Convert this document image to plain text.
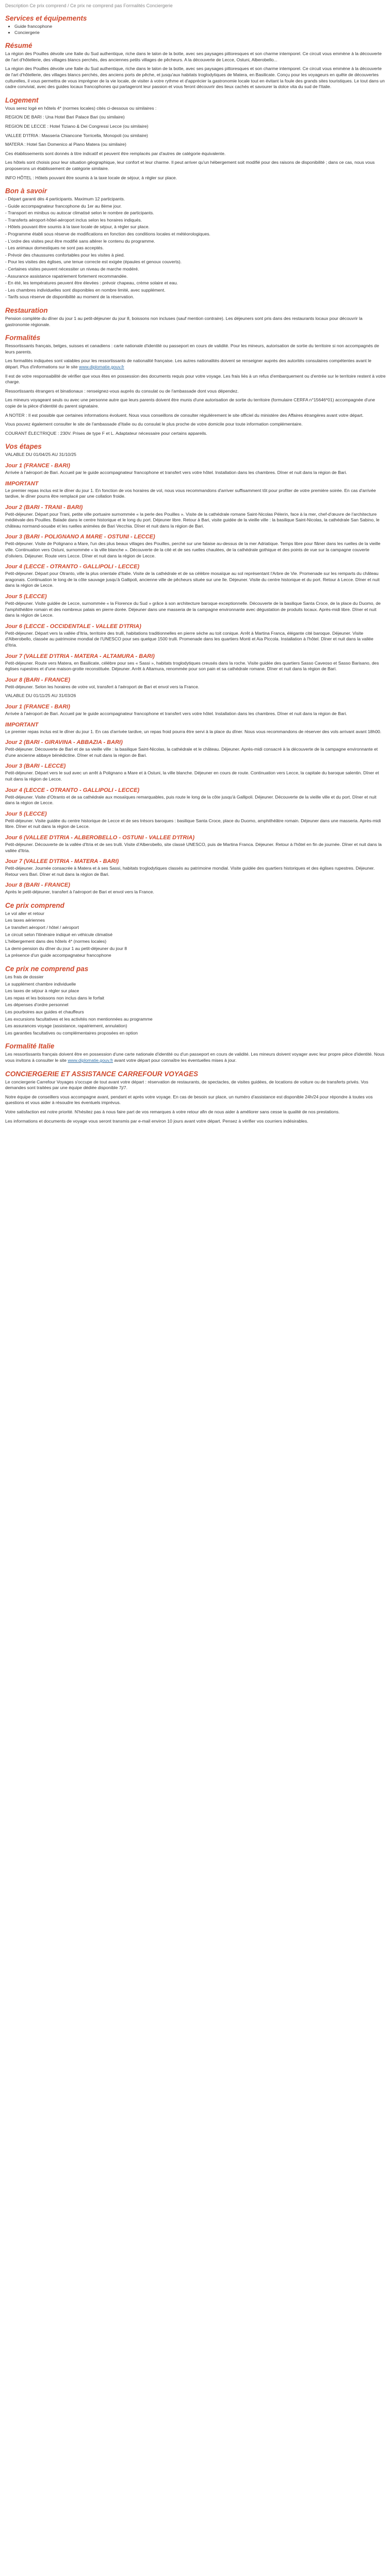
Description Ce prix comprend / Ce prix ne comprend pas Formalités Conciergerie
Services et équipements
• Guide francophone
• Conciergerie
Résumé

La région des Pouilles dévoile une Italie du Sud authentique, riche dans le talon de la botte, avec ses paysages pittoresques et son charme intemporel. Ce circuit vous emmène à la découverte de l'art d'hôtellerie, des villages blancs perchés, des anciennes petits villages de pêcheurs. A la découverte de Lecce, Ostuni, Alberobello...

La région des Pouilles dévoile une Italie du Sud authentique, riche dans le talon de la botte, avec ses paysages pittoresques et son charme intemporel. Ce circuit vous emmène à la découverte de l'art d'hôtellerie, des villages blancs perchés, des anciens ports de pêche, et jusqu'aux habitats troglodytiques de Matera, en Basilicate. Conçu pour les voyageurs en quête de découvertes culturelles, il vous permettra de vous imprégner de la vie locale, de visiter à votre rythme et d'apprécier la gastronomie locale tout en évitant la foule des grands sites touristiques. Le tout dans un cadre convivial, avec des guides locaux francophones qui partageront leur passion et vous feront découvrir des lieux cachés et savourer la dolce vita du sud de l'Italie.

Logement

Vous serez logé en hôtels 4* (normes locales) cités ci-dessous ou similaires :

REGION DE BARI : Una Hotel Bari Palace Bari (ou similaire)

REGION DE LECCE : Hotel Tiziano & Dei Congressi Lecce (ou similaire)

VALLEE D'ITRIA : Masseria Chiancone Torricella, Monopoli (ou similaire)

MATERA : Hotel San Domenico al Piano Matera (ou similaire)

Ces établissements sont donnés à titre indicatif et peuvent être remplacés par d'autres de catégorie équivalente.

Les hôtels sont choisis pour leur situation géographique, leur confort et leur charme. Il peut arriver qu'un hébergement soit modifié pour des raisons de disponibilité ; dans ce cas, nous vous proposerons un établissement de catégorie similaire.

INFO HÔTEL : Hôtels pouvant être soumis à la taxe locale de séjour, à régler sur place.

Bon à savoir

- Départ garanti dès 4 participants. Maximum 12 participants.

- Guide accompagnateur francophone du 1er au 8ème jour.

- Transport en minibus ou autocar climatisé selon le nombre de participants.

- Transferts aéroport-hôtel-aéroport inclus selon les horaires indiqués.

- Hôtels pouvant être soumis à la taxe locale de séjour, à régler sur place.

- Programme établi sous réserve de modifications en fonction des conditions locales et météorologiques.

- L'ordre des visites peut être modifié sans altérer le contenu du programme.

- Les animaux domestiques ne sont pas acceptés.

- Prévoir des chaussures confortables pour les visites à pied.

- Pour les visites des églises, une tenue correcte est exigée (épaules et genoux couverts).

- Certaines visites peuvent nécessiter un niveau de marche modéré.

- Assurance assistance rapatriement fortement recommandée.

- En été, les températures peuvent être élevées : prévoir chapeau, crème solaire et eau.

- Les chambres individuelles sont disponibles en nombre limité, avec supplément.

- Tarifs sous réserve de disponibilité au moment de la réservation.

Restauration

Pension complète du dîner du jour 1 au petit-déjeuner du jour 8, boissons non incluses (sauf mention contraire). Les déjeuners sont pris dans des restaurants locaux pour découvrir la gastronomie régionale.

Formalités

Ressortissants français, belges, suisses et canadiens : carte nationale d'identité ou passeport en cours de validité. Pour les mineurs, autorisation de sortie du territoire si non accompagnés de leurs parents.

Les formalités indiquées sont valables pour les ressortissants de nationalité française. Les autres nationalités doivent se renseigner auprès des autorités consulaires compétentes avant le départ. Plus d'informations sur le site www.diplomatie.gouv.fr

Il est de votre responsabilité de vérifier que vous êtes en possession des documents requis pour votre voyage. Les frais liés à un refus d'embarquement ou d'entrée sur le territoire restent à votre charge.

Ressortissants étrangers et binationaux : renseignez-vous auprès du consulat ou de l'ambassade dont vous dépendez.

Les mineurs voyageant seuls ou avec une personne autre que leurs parents doivent être munis d'une autorisation de sortie du territoire (formulaire CERFA n°15646*01) accompagnée d'une copie de la pièce d'identité du parent signataire.

A NOTER : Il est possible que certaines informations évoluent. Nous vous conseillons de consulter régulièrement le site officiel du ministère des Affaires étrangères avant votre départ.

Vous pouvez également consulter le site de l'ambassade d'Italie ou du consulat le plus proche de votre domicile pour toute information complémentaire.

COURANT ÉLECTRIQUE : 230V. Prises de type F et L. Adaptateur nécessaire pour certains appareils.

Vos étapes

VALABLE DU 01/04/25 AU 31/10/25

Jour 1 (FRANCE - BARI)

Arrivée à l'aéroport de Bari. Accueil par le guide accompagnateur francophone et transfert vers votre hôtel. Installation dans les chambres. Dîner et nuit dans la région de Bari.

IMPORTANT

Le premier repas inclus est le dîner du jour 1. En fonction de vos horaires de vol, nous vous recommandons d'arriver suffisamment tôt pour profiter de votre première soirée. En cas d'arrivée tardive, le dîner pourra être remplacé par une collation froide.

Jour 2 (BARI - TRANI - BARI)

Petit-déjeuner. Départ pour Trani, petite ville portuaire surnommée « la perle des Pouilles ». Visite de la cathédrale romane Saint-Nicolas Pèlerin, face à la mer, chef-d'œuvre de l'architecture médiévale des Pouilles. Balade dans le centre historique et le long du port. Déjeuner libre. Retour à Bari, visite guidée de la vieille ville : la basilique Saint-Nicolas, la cathédrale San Sabino, le château normand-souabe et les ruelles animées de Bari Vecchia. Dîner et nuit dans la région de Bari.

Jour 3 (BARI - POLIGNANO A MARE - OSTUNI - LECCE)

Petit-déjeuner. Visite de Polignano a Mare, l'un des plus beaux villages des Pouilles, perché sur une falaise au-dessus de la mer Adriatique. Temps libre pour flâner dans les ruelles de la vieille ville. Continuation vers Ostuni, surnommée « la ville blanche ». Découverte de la cité et de ses ruelles chaulées, de la cathédrale gothique et des points de vue sur la campagne couverte d'oliviers. Déjeuner. Route vers Lecce. Dîner et nuit dans la région de Lecce.

Jour 4 (LECCE - OTRANTO - GALLIPOLI - LECCE)

Petit-déjeuner. Départ pour Otranto, ville la plus orientale d'Italie. Visite de la cathédrale et de sa célèbre mosaïque au sol représentant l'Arbre de Vie. Promenade sur les remparts du château aragonais. Continuation le long de la côte sauvage jusqu'à Gallipoli, ancienne ville de pêcheurs située sur une île. Déjeuner. Visite du centre historique et du port. Retour à Lecce. Dîner et nuit dans la région de Lecce.

Jour 5 (LECCE)

Petit-déjeuner. Visite guidée de Lecce, surnommée « la Florence du Sud » grâce à son architecture baroque exceptionnelle. Découverte de la basilique Santa Croce, de la place du Duomo, de l'amphithéâtre romain et des nombreux palais en pierre dorée. Déjeuner dans une masseria de la campagne environnante avec dégustation de produits locaux. Après-midi libre. Dîner et nuit dans la région de Lecce.

Jour 6 (LECCE - OCCIDENTALE - VALLEE D'ITRIA)

Petit-déjeuner. Départ vers la vallée d'Itria, territoire des trulli, habitations traditionnelles en pierre sèche au toit conique. Arrêt à Martina Franca, élégante cité baroque. Déjeuner. Visite d'Alberobello, classée au patrimoine mondial de l'UNESCO pour ses quelque 1500 trulli. Promenade dans les quartiers Monti et Aia Piccola. Installation à l'hôtel. Dîner et nuit dans la vallée d'Itria.

Jour 7 (VALLEE D'ITRIA - MATERA - ALTAMURA - BARI)

Petit-déjeuner. Route vers Matera, en Basilicate, célèbre pour ses « Sassi », habitats troglodytiques creusés dans la roche. Visite guidée des quartiers Sasso Caveoso et Sasso Barisano, des églises rupestres et d'une maison-grotte reconstituée. Déjeuner. Arrêt à Altamura, renommée pour son pain et sa cathédrale romane. Dîner et nuit dans la région de Bari.

Jour 8 (BARI - FRANCE)

Petit-déjeuner. Selon les horaires de votre vol, transfert à l'aéroport de Bari et envol vers la France.

VALABLE DU 01/11/25 AU 31/03/26

Jour 1 (FRANCE - BARI)

Arrivée à l'aéroport de Bari. Accueil par le guide accompagnateur francophone et transfert vers votre hôtel. Installation dans les chambres. Dîner et nuit dans la région de Bari.

IMPORTANT

Le premier repas inclus est le dîner du jour 1. En cas d'arrivée tardive, un repas froid pourra être servi à la place du dîner. Nous vous recommandons de réserver des vols arrivant avant 18h00.

Jour 2 (BARI - GIRAVINA - ABBAZIA - BARI)

Petit-déjeuner. Découverte de Bari et de sa vieille ville : la basilique Saint-Nicolas, la cathédrale et le château. Déjeuner. Après-midi consacré à la découverte de la campagne environnante et d'une ancienne abbaye bénédictine. Dîner et nuit dans la région de Bari.

Jour 3 (BARI - LECCE)

Petit-déjeuner. Départ vers le sud avec un arrêt à Polignano a Mare et à Ostuni, la ville blanche. Déjeuner en cours de route. Continuation vers Lecce, la capitale du baroque salentin. Dîner et nuit dans la région de Lecce.

Jour 4 (LECCE - OTRANTO - GALLIPOLI - LECCE)

Petit-déjeuner. Visite d'Otranto et de sa cathédrale aux mosaïques remarquables, puis route le long de la côte jusqu'à Gallipoli. Déjeuner. Découverte de la vieille ville et du port. Dîner et nuit dans la région de Lecce.

Jour 5 (LECCE)

Petit-déjeuner. Visite guidée du centre historique de Lecce et de ses trésors baroques : basilique Santa Croce, place du Duomo, amphithéâtre romain. Déjeuner dans une masseria. Après-midi libre. Dîner et nuit dans la région de Lecce.

Jour 6 (VALLEE D'ITRIA - ALBEROBELLO - OSTUNI - VALLEE D'ITRIA)

Petit-déjeuner. Découverte de la vallée d'Itria et de ses trulli. Visite d'Alberobello, site classé UNESCO, puis de Martina Franca. Déjeuner. Retour à l'hôtel en fin de journée. Dîner et nuit dans la vallée d'Itria.

Jour 7 (VALLEE D'ITRIA - MATERA - BARI)

Petit-déjeuner. Journée consacrée à Matera et à ses Sassi, habitats troglodytiques classés au patrimoine mondial. Visite guidée des quartiers historiques et des églises rupestres. Déjeuner. Retour vers Bari. Dîner et nuit dans la région de Bari.

Jour 8 (BARI - FRANCE)

Après le petit-déjeuner, transfert à l'aéroport de Bari et envol vers la France.

Ce prix comprend

Le vol aller et retour

Les taxes aériennes

Le transfert aéroport / hôtel / aéroport

Le circuit selon l'itinéraire indiqué en véhicule climatisé

L'hébergement dans des hôtels 4* (normes locales)

La demi-pension du dîner du jour 1 au petit-déjeuner du jour 8

La présence d'un guide accompagnateur francophone

Ce prix ne comprend pas

Les frais de dossier

Le supplément chambre individuelle

Les taxes de séjour à régler sur place

Les repas et les boissons non inclus dans le forfait

Les dépenses d'ordre personnel

Les pourboires aux guides et chauffeurs

Les excursions facultatives et les activités non mentionnées au programme

Les assurances voyage (assistance, rapatriement, annulation)

Les garanties facultatives ou complémentaires proposées en option

Formalité Italie

Les ressortissants français doivent être en possession d'une carte nationale d'identité ou d'un passeport en cours de validité. Les mineurs doivent voyager avec leur propre pièce d'identité. Nous vous invitons à consulter le site www.diplomatie.gouv.fr avant votre départ pour connaître les éventuelles mises à jour.

CONCIERGERIE ET ASSISTANCE CARREFOUR VOYAGES

Le conciergerie Carrefour Voyages s'occupe de tout avant votre départ : réservation de restaurants, de spectacles, de visites guidées, de locations de voiture ou de transferts privés. Vos demandes sont traitées par une équipe dédiée disponible 7j/7.

Notre équipe de conseillers vous accompagne avant, pendant et après votre voyage. En cas de besoin sur place, un numéro d'assistance est disponible 24h/24 pour répondre à toutes vos questions et vous aider à résoudre les éventuels imprévus.

Votre satisfaction est notre priorité. N'hésitez pas à nous faire part de vos remarques à votre retour afin de nous aider à améliorer sans cesse la qualité de nos prestations.

Les informations et documents de voyage vous seront transmis par e-mail environ 10 jours avant votre départ. Pensez à vérifier vos courriers indésirables.
